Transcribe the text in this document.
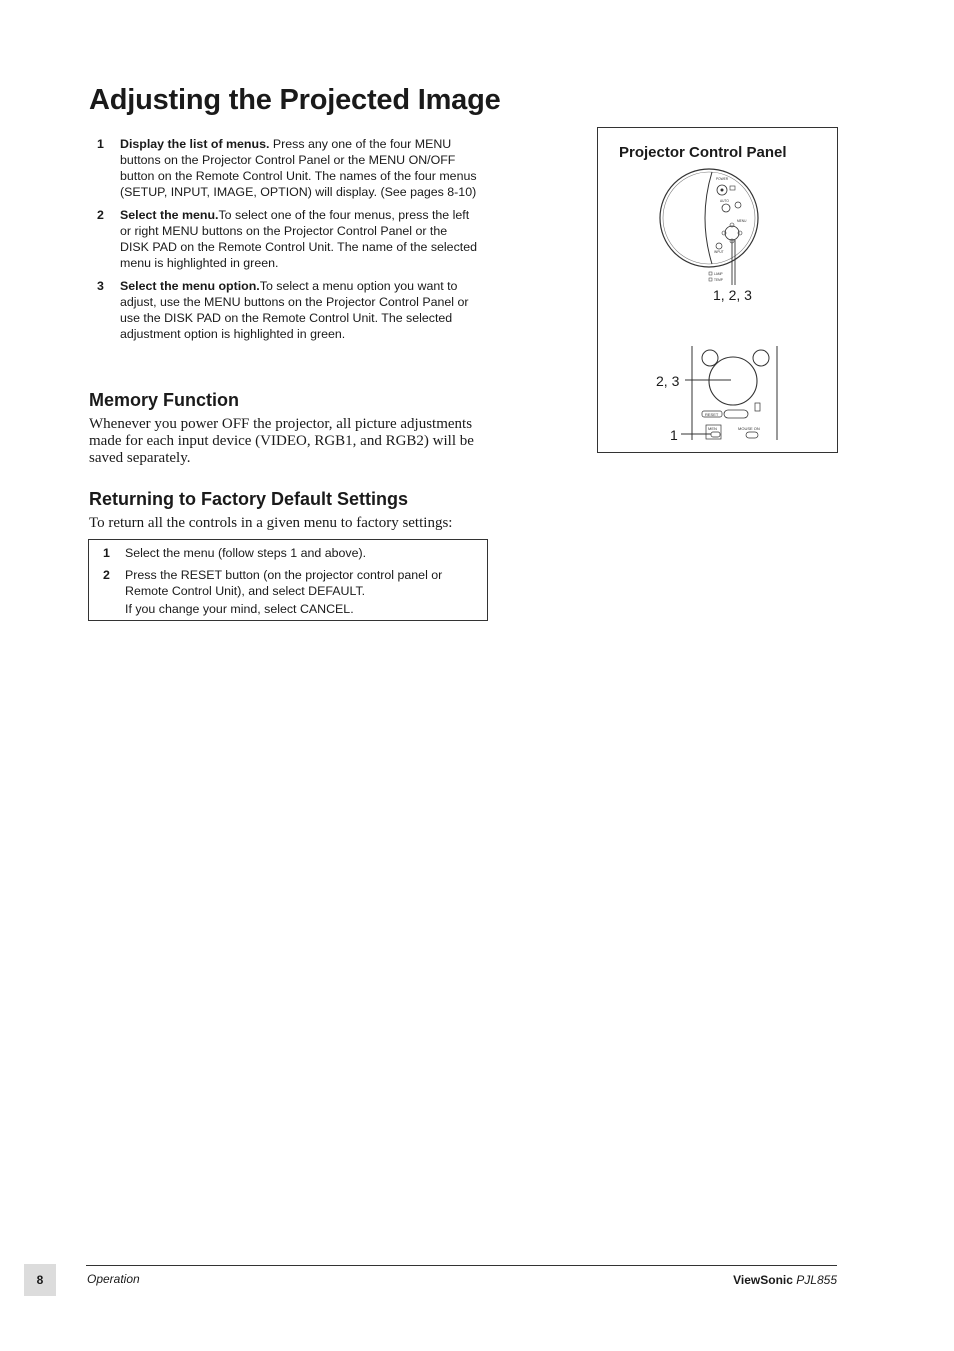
Adjusting the Projected Image
1	Display the list of menus. Press any one of the four MENU buttons on the Projector Control Panel or the MENU ON/OFF button on the Remote Control Unit. The names of the four menus (SETUP, INPUT, IMAGE, OPTION) will display. (See pages 8-10)
2	Select the menu.To select one of the four menus, press the left or right MENU buttons on the Projector Control Panel or the DISK PAD on the Remote Control Unit. The name of the selected menu is highlighted in green.
3	Select the menu option.To select a menu option you want to adjust, use the MENU buttons on the Projector Control Panel or use the DISK PAD on the Remote Control Unit. The selected adjustment option is highlighted in green.
Memory Function
Whenever you power OFF the projector, all picture adjustments made for each input device (VIDEO, RGB1, and RGB2) will be saved separately.
Returning to Factory Default Settings
To return all the controls in a given menu to factory settings:
1	Select the menu (follow steps 1 and above).
2	Press the RESET button (on the projector control panel or Remote Control Unit), and select DEFAULT.
If you change your mind, select CANCEL.
Projector Control Panel
POWER
AUTO
MENU
INPUT
LAMP
TEMP
RESET
MEN	MOUSE ON
1, 2, 3
2, 3
1
8	Operation	ViewSonic PJL855
